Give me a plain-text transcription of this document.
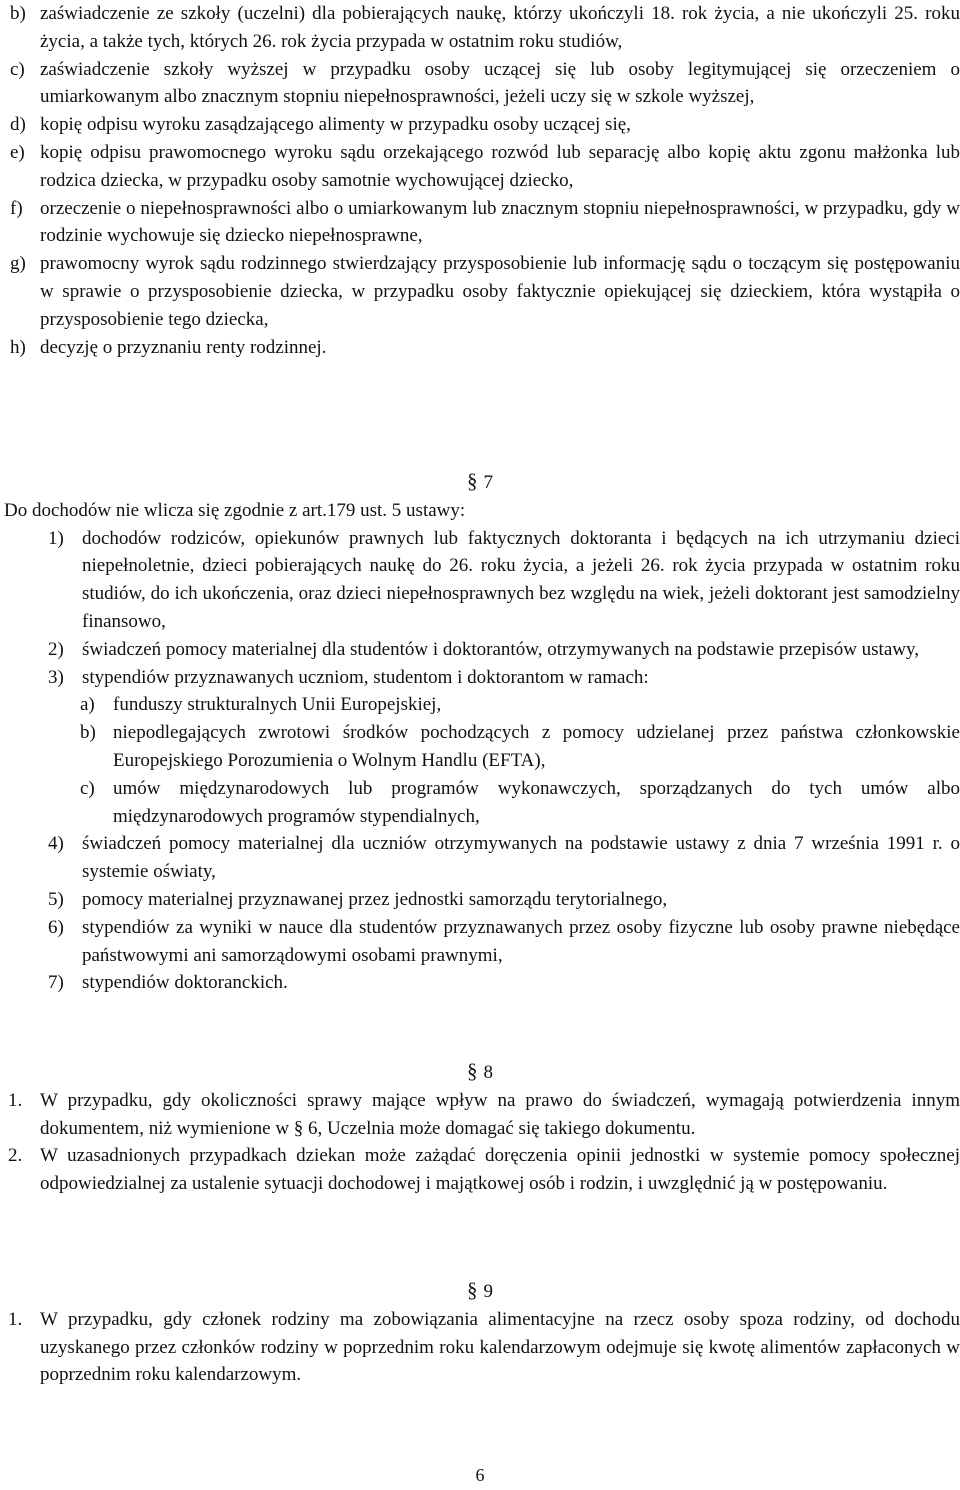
b) zaświadczenie ze szkoły (uczelni) dla pobierających naukę, którzy ukończyli 18. rok życia, a nie ukończyli 25. roku życia, a także tych, których 26. rok życia przypada w ostatnim roku studiów,
c) zaświadczenie szkoły wyższej w przypadku osoby uczącej się lub osoby legitymującej się orzeczeniem o umiarkowanym albo znacznym stopniu niepełnosprawności, jeżeli uczy się w szkole wyższej,
d) kopię odpisu wyroku zasądzającego alimenty w przypadku osoby uczącej się,
e) kopię odpisu prawomocnego wyroku sądu orzekającego rozwód lub separację albo kopię aktu zgonu małżonka lub rodzica dziecka, w przypadku osoby samotnie wychowującej dziecko,
f) orzeczenie o niepełnosprawności albo o umiarkowanym lub znacznym stopniu niepełnosprawności, w przypadku, gdy w rodzinie wychowuje się dziecko niepełnosprawne,
g) prawomocny wyrok sądu rodzinnego stwierdzający przysposobienie lub informację sądu o toczącym się postępowaniu w sprawie o przysposobienie dziecka, w przypadku osoby faktycznie opiekującej się dzieckiem, która wystąpiła o przysposobienie tego dziecka,
h) decyzję o przyznaniu renty rodzinnej.
§ 7
Do dochodów nie wlicza się zgodnie z art.179 ust. 5 ustawy:
1) dochodów rodziców, opiekunów prawnych lub faktycznych doktoranta i będących na ich utrzymaniu dzieci niepełnoletnie, dzieci pobierających naukę do 26. roku życia, a jeżeli 26. rok życia przypada w ostatnim roku studiów, do ich ukończenia, oraz dzieci niepełnosprawnych bez względu na wiek, jeżeli doktorant jest samodzielny finansowo,
2) świadczeń pomocy materialnej dla studentów i doktorantów, otrzymywanych na podstawie przepisów ustawy,
3) stypendiów przyznawanych uczniom, studentom i doktorantom w ramach:
a) funduszy strukturalnych Unii Europejskiej,
b) niepodlegających zwrotowi środków pochodzących z pomocy udzielanej przez państwa członkowskie Europejskiego Porozumienia o Wolnym Handlu (EFTA),
c) umów międzynarodowych lub programów wykonawczych, sporządzanych do tych umów albo międzynarodowych programów stypendialnych,
4) świadczeń pomocy materialnej dla uczniów otrzymywanych na podstawie ustawy z dnia 7 września 1991 r. o systemie oświaty,
5) pomocy materialnej przyznawanej przez jednostki samorządu terytorialnego,
6) stypendiów za wyniki w nauce dla studentów przyznawanych przez osoby fizyczne lub osoby prawne niebędące państwowymi ani samorządowymi osobami prawnymi,
7) stypendiów doktoranckich.
§ 8
1. W przypadku, gdy okoliczności sprawy mające wpływ na prawo do świadczeń, wymagają potwierdzenia innym dokumentem, niż wymienione w § 6, Uczelnia może domagać się takiego dokumentu.
2. W uzasadnionych przypadkach dziekan może zażądać doręczenia opinii jednostki w systemie pomocy społecznej odpowiedzialnej za ustalenie sytuacji dochodowej i majątkowej osób i rodzin, i uwzględnić ją w postępowaniu.
§ 9
1. W przypadku, gdy członek rodziny ma zobowiązania alimentacyjne na rzecz osoby spoza rodziny, od dochodu uzyskanego przez członków rodziny w poprzednim roku kalendarzowym odejmuje się kwotę alimentów zapłaconych w poprzednim roku kalendarzowym.
6
